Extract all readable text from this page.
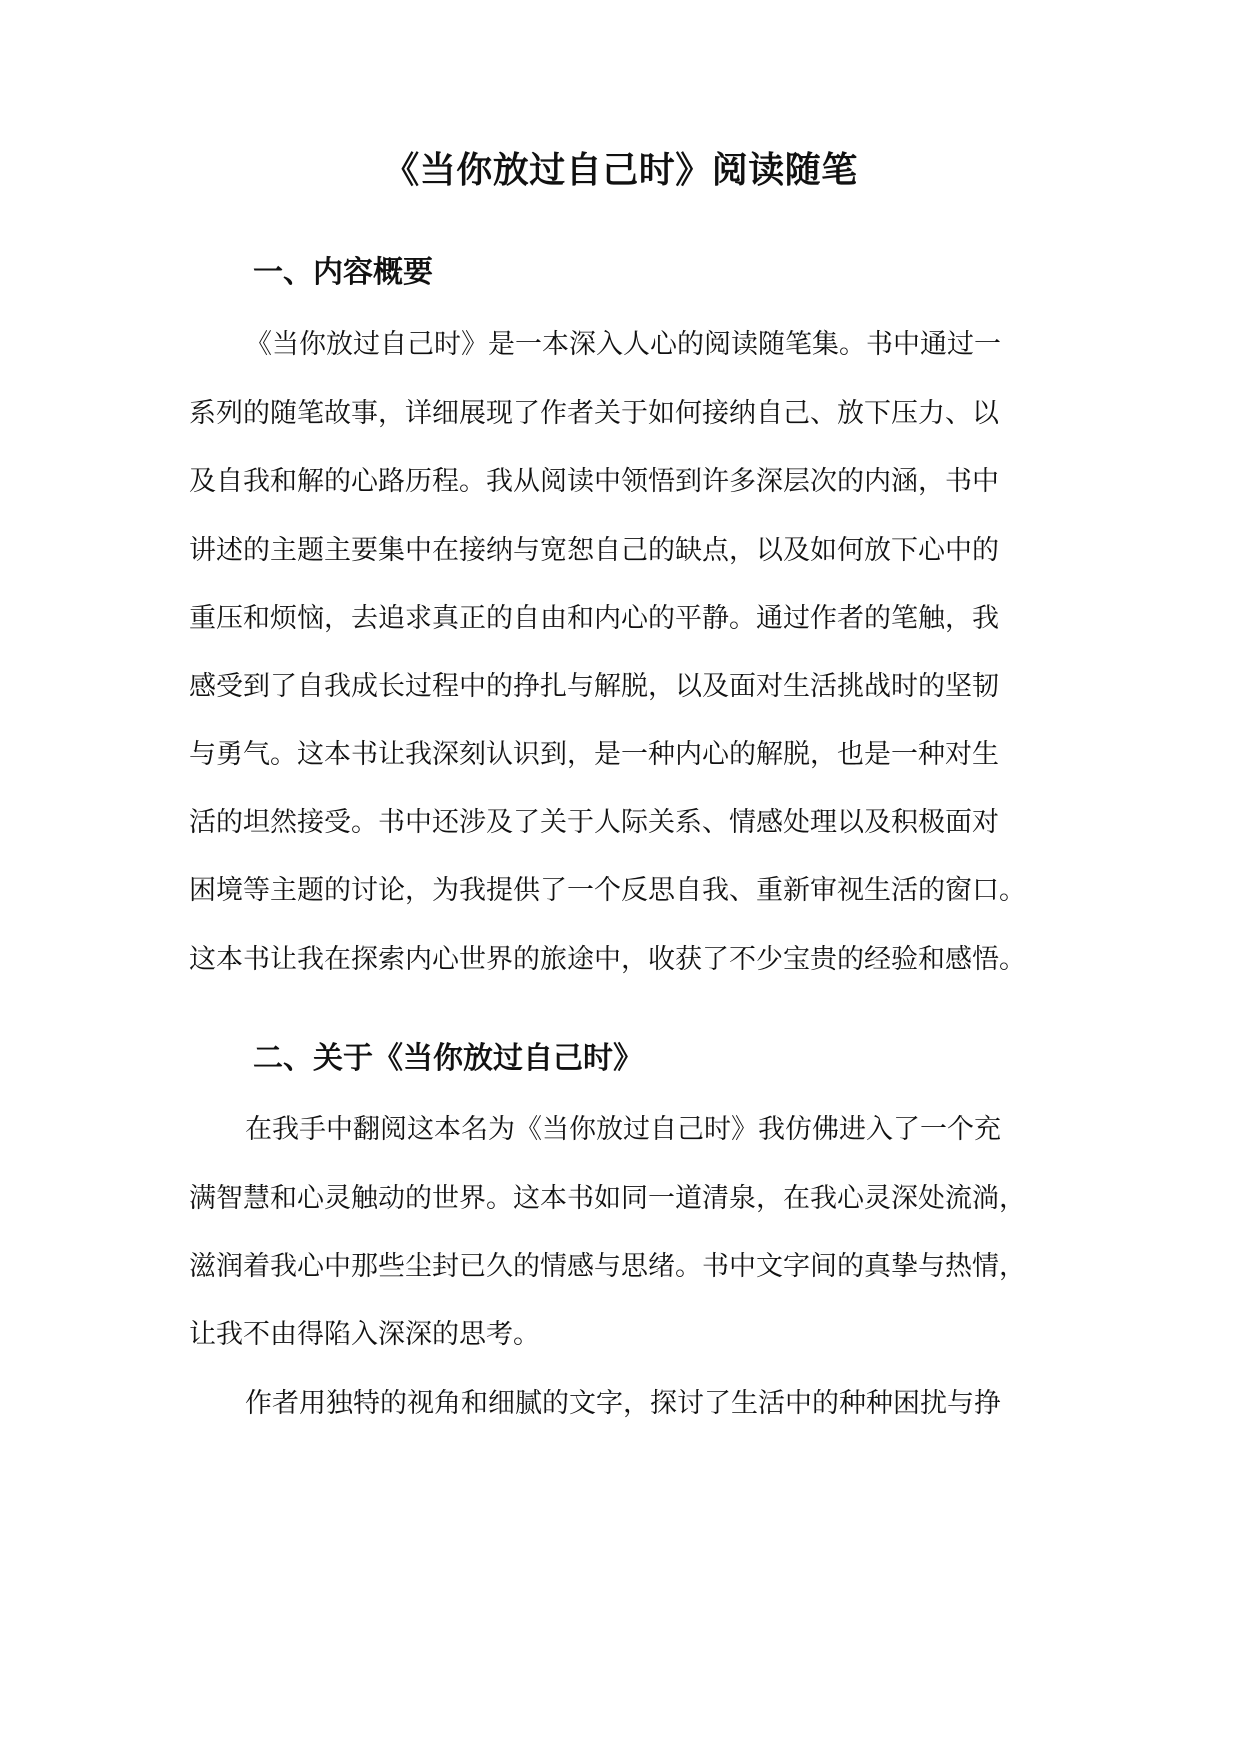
《当你放过自己时》阅读随笔
一、内容概要

《当你放过自己时》是一本深入人心的阅读随笔集。书中通过一

系列的随笔故事，详细展现了作者关于如何接纳自己、放下压力、以

及自我和解的心路历程。我从阅读中领悟到许多深层次的内涵，书中

讲述的主题主要集中在接纳与宽恕自己的缺点，以及如何放下心中的

重压和烦恼，去追求真正的自由和内心的平静。通过作者的笔触，我

感受到了自我成长过程中的挣扎与解脱，以及面对生活挑战时的坚韧

与勇气。这本书让我深刻认识到，是一种内心的解脱，也是一种对生

活的坦然接受。书中还涉及了关于人际关系、情感处理以及积极面对

困境等主题的讨论，为我提供了一个反思自我、重新审视生活的窗口。

这本书让我在探索内心世界的旅途中，收获了不少宝贵的经验和感悟。

二、关于《当你放过自己时》

在我手中翻阅这本名为《当你放过自己时》我仿佛进入了一个充

满智慧和心灵触动的世界。这本书如同一道清泉，在我心灵深处流淌，

滋润着我心中那些尘封已久的情感与思绪。书中文字间的真挚与热情，

让我不由得陷入深深的思考。

作者用独特的视角和细腻的文字，探讨了生活中的种种困扰与挣
